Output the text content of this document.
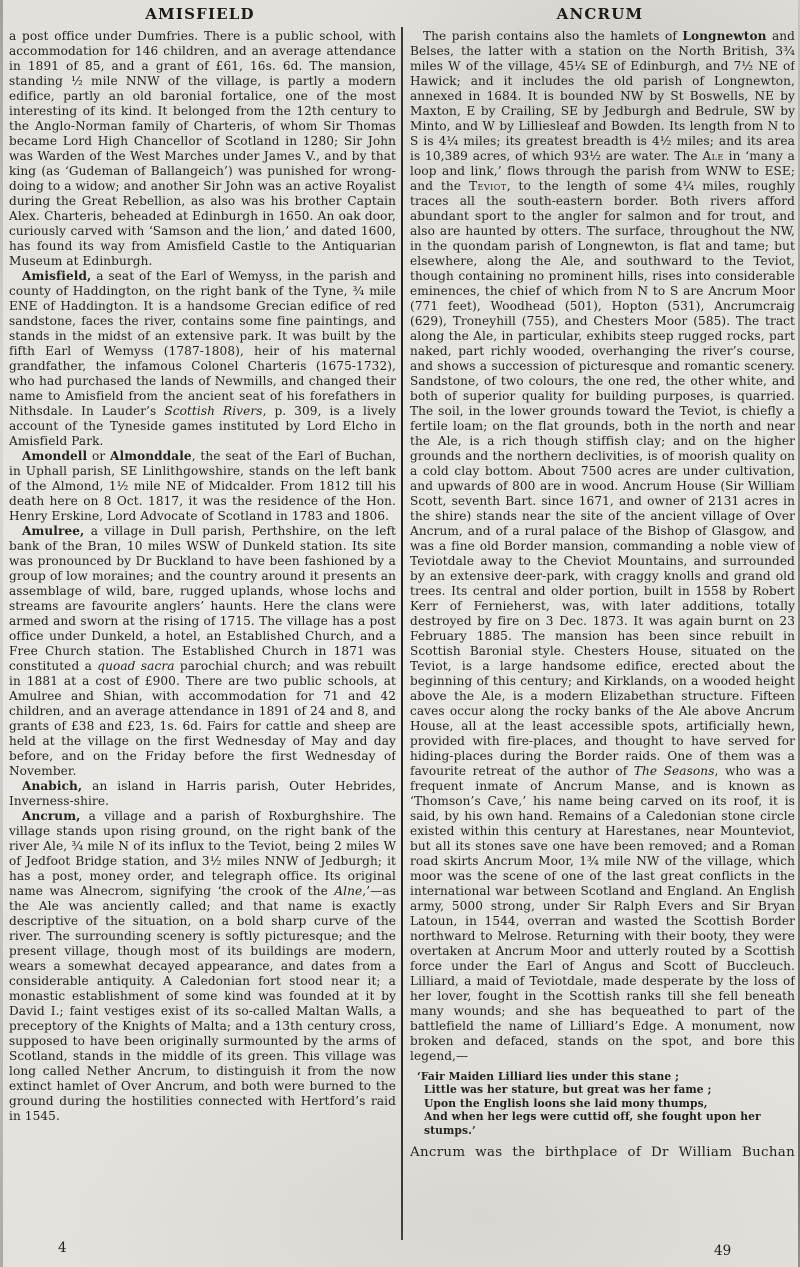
AMISFIELD	ANCRUM

a post office under Dumfries. There is a public school, with accommodation for 146 children, and an average attendance in 1891 of 85, and a grant of £61, 16s. 6d. The mansion, standing ½ mile NNW of the village, is partly a modern edifice, partly an old baronial fortalice, one of the most interesting of its kind. It belonged from the 12th century to the Anglo-Norman family of Charteris, of whom Sir Thomas became Lord High Chancellor of Scotland in 1280; Sir John was Warden of the West Marches under James V., and by that king (as ‘Gudeman of Ballangeich’) was punished for wrong-doing to a widow; and another Sir John was an active Royalist during the Great Rebellion, as also was his brother Captain Alex. Charteris, beheaded at Edinburgh in 1650. An oak door, curiously carved with ‘Samson and the lion,’ and dated 1600, has found its way from Amisfield Castle to the Antiquarian Museum at Edinburgh.

Amisfield, a seat of the Earl of Wemyss, in the parish and county of Haddington, on the right bank of the Tyne, ¾ mile ENE of Haddington. It is a handsome Grecian edifice of red sandstone, faces the river, contains some fine paintings, and stands in the midst of an extensive park. It was built by the fifth Earl of Wemyss (1787-1808), heir of his maternal grandfather, the infamous Colonel Charteris (1675-1732), who had purchased the lands of Newmills, and changed their name to Amisfield from the ancient seat of his forefathers in Nithsdale. In Lauder’s Scottish Rivers, p. 309, is a lively account of the Tyneside games instituted by Lord Elcho in Amisfield Park.

Amondell or Almonddale, the seat of the Earl of Buchan, in Uphall parish, SE Linlithgowshire, stands on the left bank of the Almond, 1½ mile NE of Midcalder. From 1812 till his death here on 8 Oct. 1817, it was the residence of the Hon. Henry Erskine, Lord Advocate of Scotland in 1783 and 1806.

Amulree, a village in Dull parish, Perthshire, on the left bank of the Bran, 10 miles WSW of Dunkeld station. Its site was pronounced by Dr Buckland to have been fashioned by a group of low moraines; and the country around it presents an assemblage of wild, bare, rugged uplands, whose lochs and streams are favourite anglers’ haunts. Here the clans were armed and sworn at the rising of 1715. The village has a post office under Dunkeld, a hotel, an Established Church, and a Free Church station. The Established Church in 1871 was constituted a quoad sacra parochial church; and was rebuilt in 1881 at a cost of £900. There are two public schools, at Amulree and Shian, with accommodation for 71 and 42 children, and an average attendance in 1891 of 24 and 8, and grants of £38 and £23, 1s. 6d. Fairs for cattle and sheep are held at the village on the first Wednesday of May and day before, and on the Friday before the first Wednesday of November.

Anabich, an island in Harris parish, Outer Hebrides, Inverness-shire.

Ancrum, a village and a parish of Roxburghshire. The village stands upon rising ground, on the right bank of the river Ale, ¾ mile N of its influx to the Teviot, being 2 miles W of Jedfoot Bridge station, and 3½ miles NNW of Jedburgh; it has a post, money order, and telegraph office. Its original name was Alnecrom, signifying ‘the crook of the Alne,’—as the Ale was anciently called; and that name is exactly descriptive of the situation, on a bold sharp curve of the river. The surrounding scenery is softly picturesque; and the present village, though most of its buildings are modern, wears a somewhat decayed appearance, and dates from a considerable antiquity. A Caledonian fort stood near it; a monastic establishment of some kind was founded at it by David I.; faint vestiges exist of its so-called Maltan Walls, a preceptory of the Knights of Malta; and a 13th century cross, supposed to have been originally surmounted by the arms of Scotland, stands in the middle of its green. This village was long called Nether Ancrum, to distinguish it from the now extinct hamlet of Over Ancrum, and both were burned to the ground during the hostilities connected with Hertford’s raid in 1545.

The parish contains also the hamlets of Longnewton and Belses, the latter with a station on the North British, 3¾ miles W of the village, 45¼ SE of Edinburgh, and 7½ NE of Hawick; and it includes the old parish of Longnewton, annexed in 1684. It is bounded NW by St Boswells, NE by Maxton, E by Crailing, SE by Jedburgh and Bedrule, SW by Minto, and W by Lilliesleaf and Bowden. Its length from N to S is 4¼ miles; its greatest breadth is 4½ miles; and its area is 10,389 acres, of which 93½ are water. The Ale in ‘many a loop and link,’ flows through the parish from WNW to ESE; and the Teviot, to the length of some 4¼ miles, roughly traces all the south-eastern border. Both rivers afford abundant sport to the angler for salmon and for trout, and also are haunted by otters. The surface, throughout the NW, in the quondam parish of Longnewton, is flat and tame; but elsewhere, along the Ale, and southward to the Teviot, though containing no prominent hills, rises into considerable eminences, the chief of which from N to S are Ancrum Moor (771 feet), Woodhead (501), Hopton (531), Ancrumcraig (629), Troneyhill (755), and Chesters Moor (585). The tract along the Ale, in particular, exhibits steep rugged rocks, part naked, part richly wooded, overhanging the river’s course, and shows a succession of picturesque and romantic scenery. Sandstone, of two colours, the one red, the other white, and both of superior quality for building purposes, is quarried. The soil, in the lower grounds toward the Teviot, is chiefly a fertile loam; on the flat grounds, both in the north and near the Ale, is a rich though stiffish clay; and on the higher grounds and the northern declivities, is of moorish quality on a cold clay bottom. About 7500 acres are under cultivation, and upwards of 800 are in wood. Ancrum House (Sir William Scott, seventh Bart. since 1671, and owner of 2131 acres in the shire) stands near the site of the ancient village of Over Ancrum, and of a rural palace of the Bishop of Glasgow, and was a fine old Border mansion, commanding a noble view of Teviotdale away to the Cheviot Mountains, and surrounded by an extensive deer-park, with craggy knolls and grand old trees. Its central and older portion, built in 1558 by Robert Kerr of Fernieherst, was, with later additions, totally destroyed by fire on 3 Dec. 1873. It was again burnt on 23 February 1885. The mansion has been since rebuilt in Scottish Baronial style. Chesters House, situated on the Teviot, is a large handsome edifice, erected about the beginning of this century; and Kirklands, on a wooded height above the Ale, is a modern Elizabethan structure. Fifteen caves occur along the rocky banks of the Ale above Ancrum House, all at the least accessible spots, artificially hewn, provided with fire-places, and thought to have served for hiding-places during the Border raids. One of them was a favourite retreat of the author of The Seasons, who was a frequent inmate of Ancrum Manse, and is known as ‘Thomson’s Cave,’ his name being carved on its roof, it is said, by his own hand. Remains of a Caledonian stone circle existed within this century at Harestanes, near Mounteviot, but all its stones save one have been removed; and a Roman road skirts Ancrum Moor, 1¾ mile NW of the village, which moor was the scene of one of the last great conflicts in the international war between Scotland and England. An English army, 5000 strong, under Sir Ralph Evers and Sir Bryan Latoun, in 1544, overran and wasted the Scottish Border northward to Melrose. Returning with their booty, they were overtaken at Ancrum Moor and utterly routed by a Scottish force under the Earl of Angus and Scott of Buccleuch. Lilliard, a maid of Teviotdale, made desperate by the loss of her lover, fought in the Scottish ranks till she fell beneath many wounds; and she has bequeathed to part of the battlefield the name of Lilliard’s Edge. A monument, now broken and defaced, stands on the spot, and bore this legend,—

‘Fair Maiden Lilliard lies under this stane ;
Little was her stature, but great was her fame ;
Upon the English loons she laid mony thumps,
And when her legs were cuttid off, she fought upon her stumps.’

Ancrum was the birthplace of Dr William Buchan

4	49
